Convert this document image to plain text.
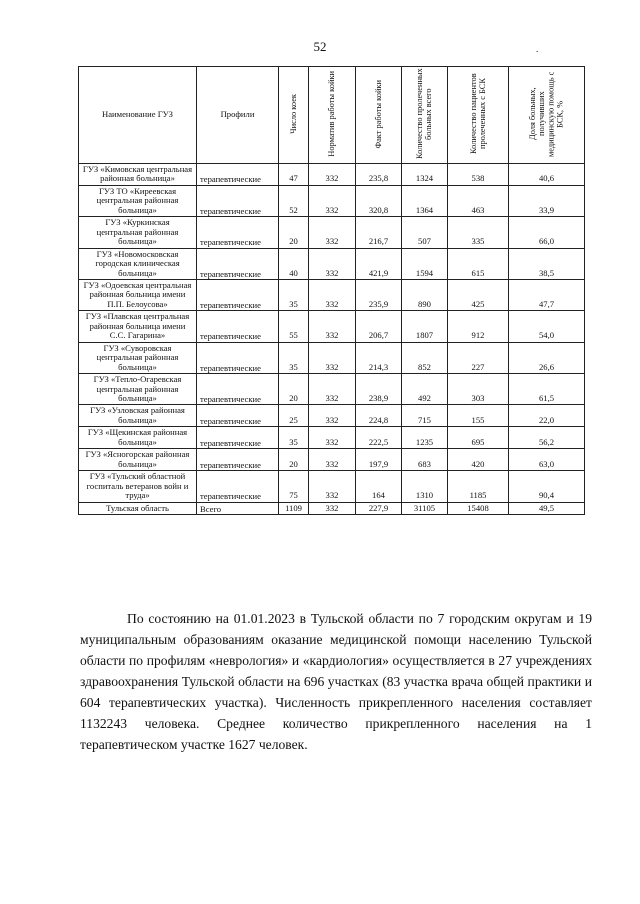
52	.
Наименование ГУЗ	Профили	Число коек	Норматив работы койки	Факт работы койки	Количество пролеченных больных всего	Количество пациентов пролеченных с БСК	Доля больных, получивших медицинскую помощь с БСК, %
ГУЗ «Кимовская центральная районная больница»	терапевтические	47	332	235,8	1324	538	40,6
ГУЗ ТО «Киреевская центральная районная больница»	терапевтические	52	332	320,8	1364	463	33,9
ГУЗ «Куркинская центральная районная больница»	терапевтические	20	332	216,7	507	335	66,0
ГУЗ «Новомосковская городская клиническая больница»	терапевтические	40	332	421,9	1594	615	38,5
ГУЗ «Одоевская центральная районная больница имени П.П. Белоусова»	терапевтические	35	332	235,9	890	425	47,7
ГУЗ «Плавская центральная районная больница имени С.С. Гагарина»	терапевтические	55	332	206,7	1807	912	54,0
ГУЗ «Суворовская центральная районная больница»	терапевтические	35	332	214,3	852	227	26,6
ГУЗ «Тепло-Огаревская центральная районная больница»	терапевтические	20	332	238,9	492	303	61,5
ГУЗ «Узловская районная больница»	терапевтические	25	332	224,8	715	155	22,0
ГУЗ «Щекинская районная больница»	терапевтические	35	332	222,5	1235	695	56,2
ГУЗ «Ясногорская районная больница»	терапевтические	20	332	197,9	683	420	63,0
ГУЗ «Тульский областной госпиталь ветеранов войн и труда»	терапевтические	75	332	164	1310	1185	90,4
Тульская область	Всего	1109	332	227,9	31105	15408	49,5

По состоянию на 01.01.2023 в Тульской области по 7 городским округам и 19 муниципальным образованиям оказание медицинской помощи населению Тульской области по профилям «неврология» и «кардиология» осуществляется в 27 учреждениях здравоохранения Тульской области на 696 участках (83 участка врача общей практики и 604 терапевтических участка). Численность прикрепленного населения составляет 1132243 человека. Среднее количество прикрепленного населения на 1 терапевтическом участке 1627 человек.
